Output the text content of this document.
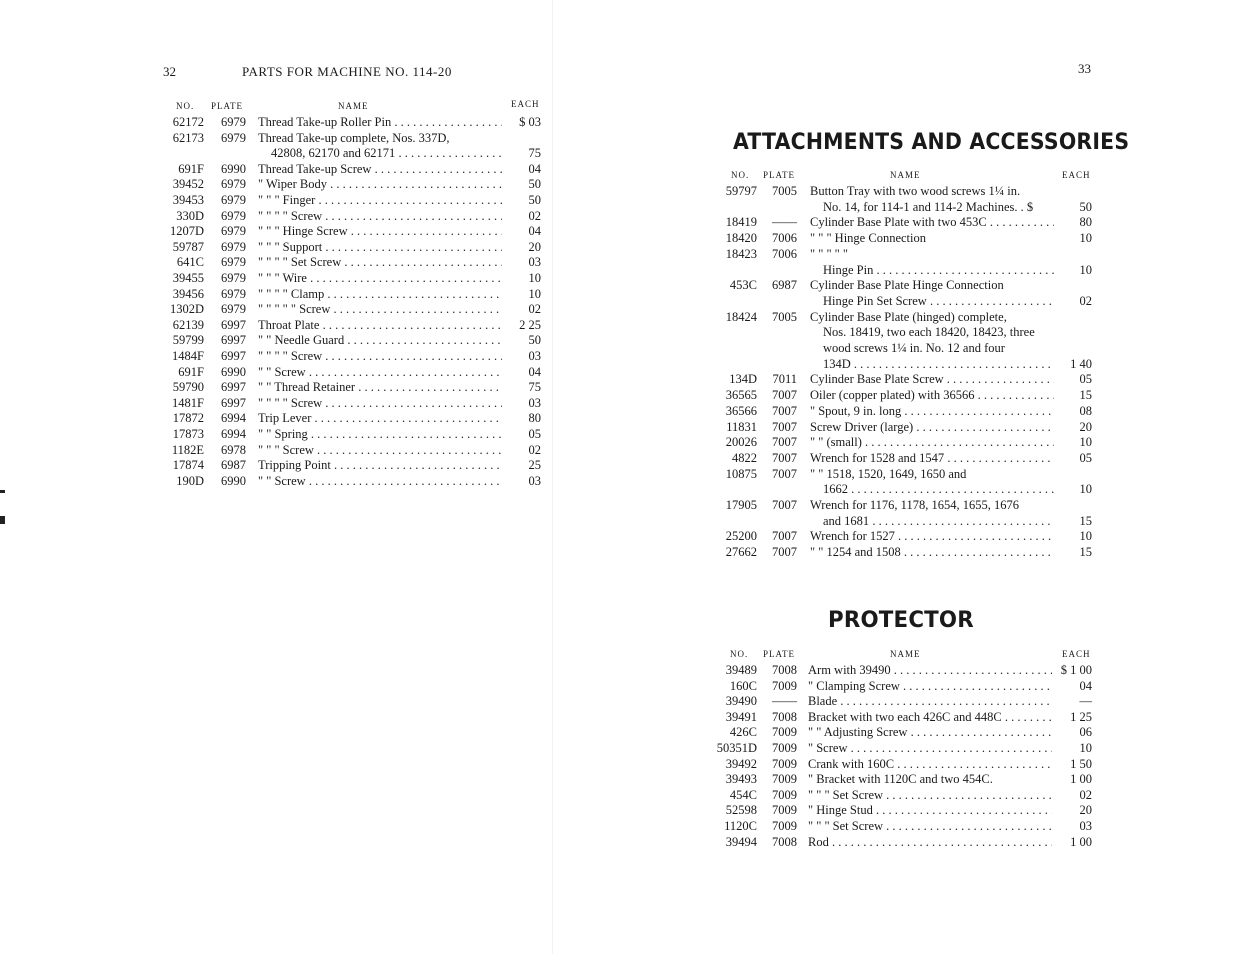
32	PARTS FOR MACHINE NO. 114-20
NO. PLATE	NAME	EACH
62172	6979 Thread Take-up Roller Pin . . .	$ 03
62173	6979 Thread Take-up complete, Nos. 337D,
42808, 62170 and 62171 . . .	75
691F	6990 Thread Take-up Screw . . .	04
39452	6979 " Wiper Body . . .	50
39453	6979 " " " Finger . . .	50
330D	6979 " " " " Screw . . .	02
1207D	6979 " " " Hinge Screw . . .	04
59787	6979 " " " Support . . .	20
641C	6979 " " " " Set Screw . . .	03
39455	6979 " " " Wire . . .	10
39456	6979 " " " " Clamp . . .	10
1302D	6979 " " " " " Screw . . .	02
62139	6997 Throat Plate . . .	2 25
59799	6997 " " Needle Guard . . .	50
1484F	6997 " " " " Screw . . .	03
691F	6990 " " Screw . . .	04
59790	6997 " " Thread Retainer . . .	75
1481F	6997 " " " " Screw . . .	03
17872	6994 Trip Lever . . .	80
17873	6994 " " Spring . . .	05
1182E	6978 " " " Screw . . .	02
17874	6987 Tripping Point . . .	25
190D	6990 " " Screw . . .	03
33
ATTACHMENTS AND ACCESSORIES
NO. PLATE	NAME	EACH
59797	7005 Button Tray with two wood screws 1¼ in.
No. 14, for 114-1 and 114-2 Machines. . $	50
18419	—— Cylinder Base Plate with two 453C . . .	80
18420	7006 " " " Hinge Connection	10
18423	7006 " " " " "
Hinge Pin . . .	10
453C	6987 Cylinder Base Plate Hinge Connection
Hinge Pin Set Screw . . .	02
18424	7005 Cylinder Base Plate (hinged) complete,
Nos. 18419, two each 18420, 18423, three
wood screws 1¼ in. No. 12 and four
134D . . .	1 40
134D	7011 Cylinder Base Plate Screw . . .	05
36565	7007 Oiler (copper plated) with 36566 . . .	15
36566	7007 " Spout, 9 in. long . . .	08
11831	7007 Screw Driver (large) . . .	20
20026	7007 " " (small) . . .	10
4822	7007 Wrench for 1528 and 1547 . . .	05
10875	7007 " " 1518, 1520, 1649, 1650 and
1662 . . .	10
17905	7007 Wrench for 1176, 1178, 1654, 1655, 1676
and 1681 . . .	15
25200	7007 Wrench for 1527 . . .	10
27662	7007 " " 1254 and 1508 . . .	15
PROTECTOR
NO. PLATE	NAME	EACH
39489	7008 Arm with 39490 . . .	$ 1 00
160C	7009 " Clamping Screw . . .	04
39490	—— Blade . . .	—
39491	7008 Bracket with two each 426C and 448C . . .	1 25
426C	7009 " " Adjusting Screw . . .	06
50351D	7009 " Screw . . .	10
39492	7009 Crank with 160C . . .	1 50
39493	7009 " Bracket with 1120C and two 454C.	1 00
454C	7009 " " " Set Screw . . .	02
52598	7009 " Hinge Stud . . .	20
1120C	7009 " " " Set Screw . . .	03
39494	7008 Rod . . .	1 00
